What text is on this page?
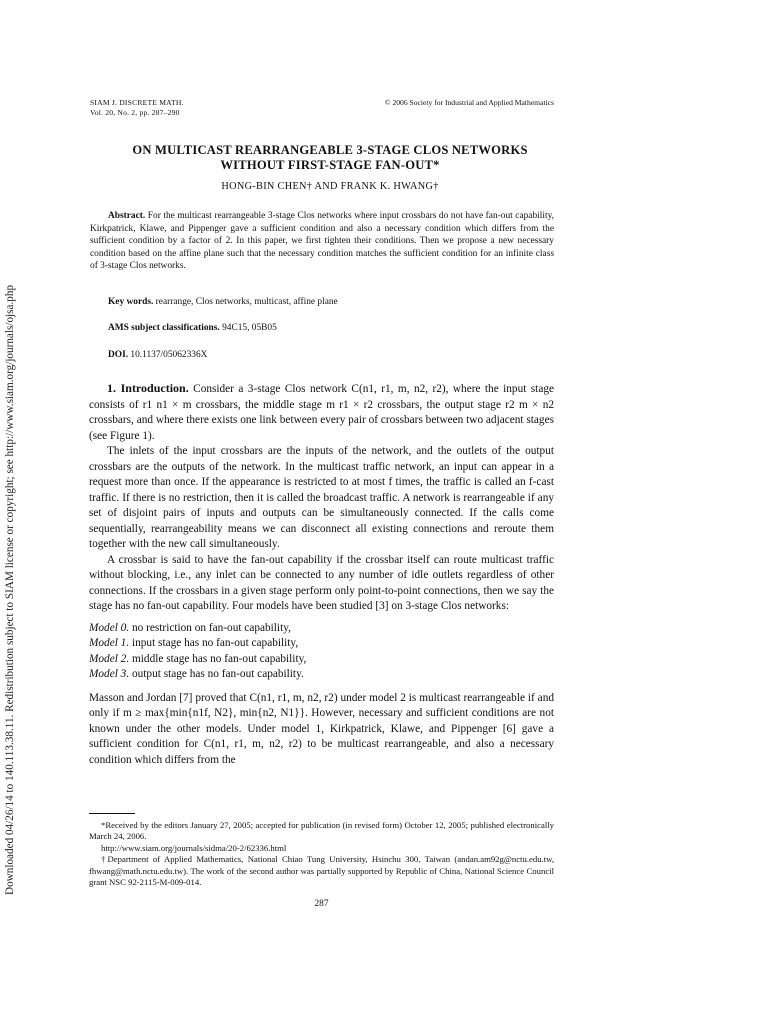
Downloaded 04/26/14 to 140.113.38.11. Redistribution subject to SIAM license or copyright; see http://www.siam.org/journals/ojsa.php
SIAM J. DISCRETE MATH.
Vol. 20, No. 2, pp. 287–290
© 2006 Society for Industrial and Applied Mathematics
ON MULTICAST REARRANGEABLE 3-STAGE CLOS NETWORKS
WITHOUT FIRST-STAGE FAN-OUT*
HONG-BIN CHEN† AND FRANK K. HWANG†

Abstract. For the multicast rearrangeable 3-stage Clos networks where input crossbars do not have fan-out capability, Kirkpatrick, Klawe, and Pippenger gave a sufficient condition and also a necessary condition which differs from the sufficient condition by a factor of 2. In this paper, we first tighten their conditions. Then we propose a new necessary condition based on the affine plane such that the necessary condition matches the sufficient condition for an infinite class of 3-stage Clos networks.

Key words. rearrange, Clos networks, multicast, affine plane
AMS subject classifications. 94C15, 05B05
DOI. 10.1137/05062336X

1. Introduction. Consider a 3-stage Clos network C(n1, r1, m, n2, r2), where the input stage consists of r1 n1 × m crossbars, the middle stage m r1 × r2 crossbars, the output stage r2 m × n2 crossbars, and where there exists one link between every pair of crossbars between two adjacent stages (see Figure 1).

The inlets of the input crossbars are the inputs of the network, and the outlets of the output crossbars are the outputs of the network. In the multicast traffic network, an input can appear in a request more than once. If the appearance is restricted to at most f times, the traffic is called an f-cast traffic. If there is no restriction, then it is called the broadcast traffic. A network is rearrangeable if any set of disjoint pairs of inputs and outputs can be simultaneously connected. If the calls come sequentially, rearrangeability means we can disconnect all existing connections and reroute them together with the new call simultaneously.

A crossbar is said to have the fan-out capability if the crossbar itself can route multicast traffic without blocking, i.e., any inlet can be connected to any number of idle outlets regardless of other connections. If the crossbars in a given stage perform only point-to-point connections, then we say the stage has no fan-out capability. Four models have been studied [3] on 3-stage Clos networks:

Model 0. no restriction on fan-out capability,
Model 1. input stage has no fan-out capability,
Model 2. middle stage has no fan-out capability,
Model 3. output stage has no fan-out capability.

Masson and Jordan [7] proved that C(n1, r1, m, n2, r2) under model 2 is multicast rearrangeable if and only if m ≥ max{min{n1f, N2}, min{n2, N1}}. However, necessary and sufficient conditions are not known under the other models. Under model 1, Kirkpatrick, Klawe, and Pippenger [6] gave a sufficient condition for C(n1, r1, m, n2, r2) to be multicast rearrangeable, and also a necessary condition which differs from the

*Received by the editors January 27, 2005; accepted for publication (in revised form) October 12, 2005; published electronically March 24, 2006.

http://www.siam.org/journals/sidma/20-2/62336.html

†Department of Applied Mathematics, National Chiao Tung University, Hsinchu 300, Taiwan (andan.am92g@nctu.edu.tw, fhwang@math.nctu.edu.tw). The work of the second author was partially supported by Republic of China, National Science Council grant NSC 92-2115-M-009-014.

287
